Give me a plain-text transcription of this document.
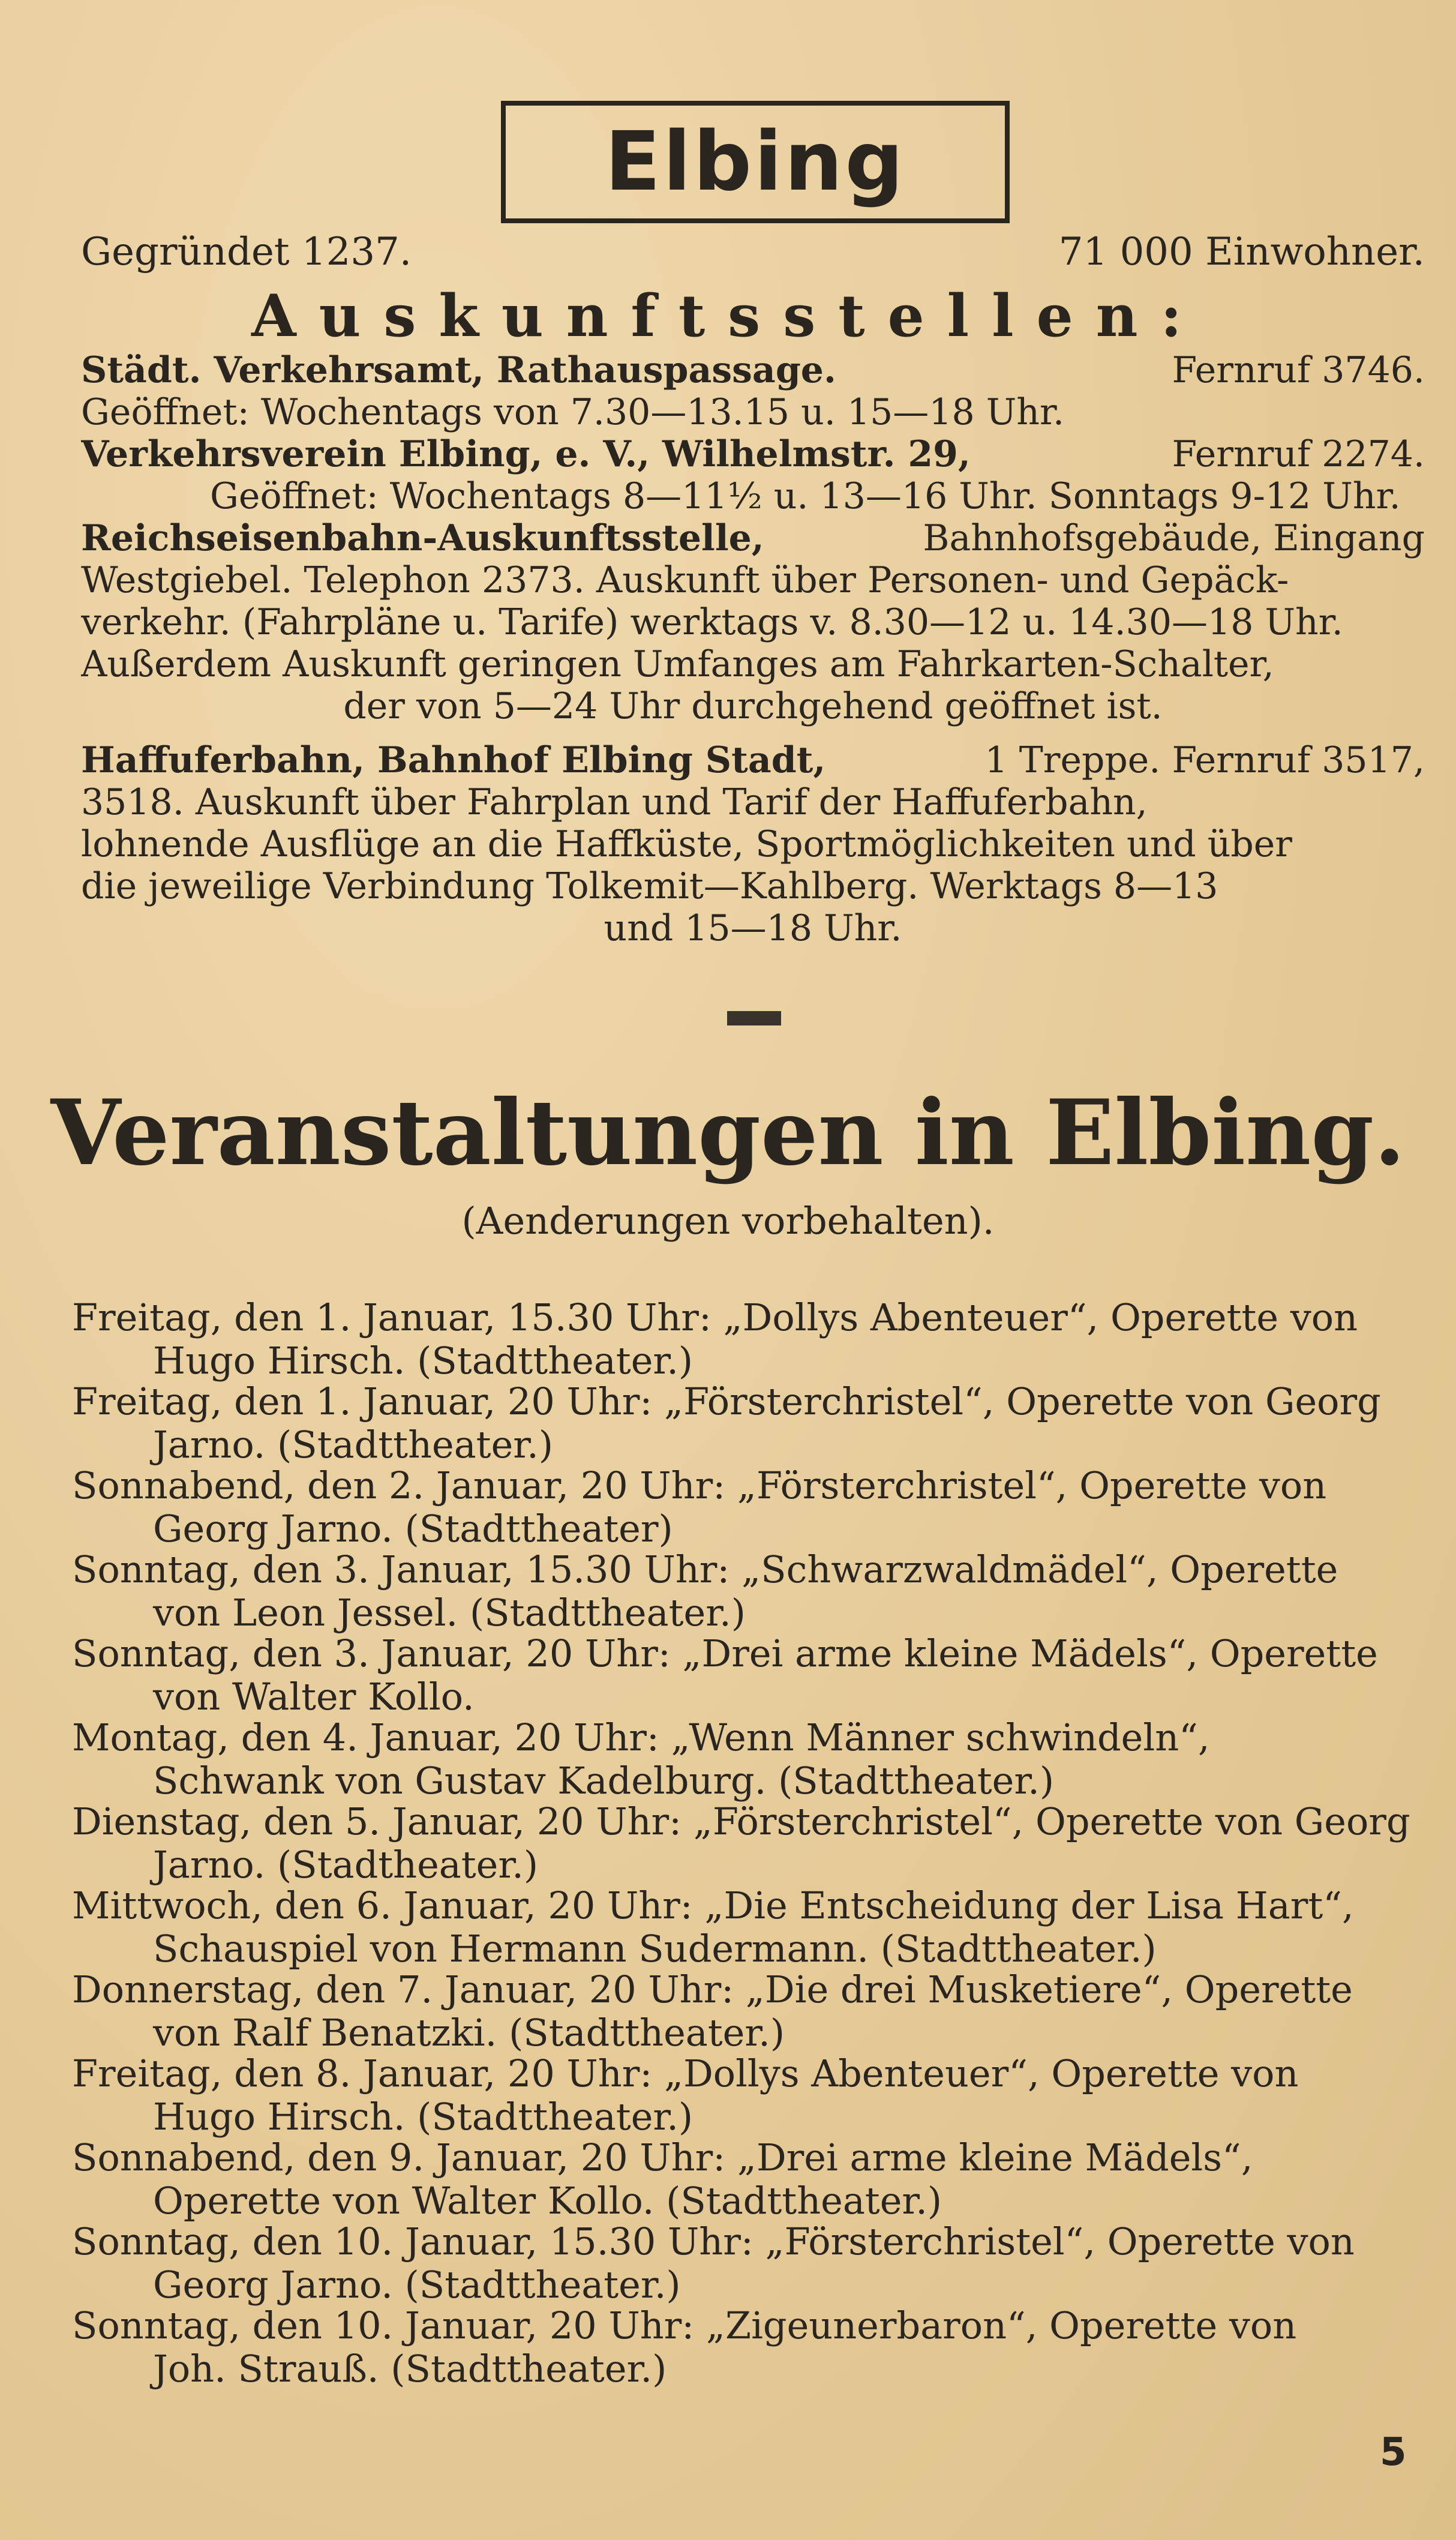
Elbing
Gegründet 1237.	71 000 Einwohner.
Auskunftsstellen:
Städt. Verkehrsamt, Rathauspassage.	Fernruf 3746.
Geöffnet: Wochentags von 7.30—13.15 u. 15—18 Uhr.
Verkehrsverein Elbing, e. V., Wilhelmstr. 29,	Fernruf 2274.
Geöffnet: Wochentags 8—11½ u. 13—16 Uhr. Sonntags 9-12 Uhr.
Reichseisenbahn-Auskunftsstelle,	Bahnhofsgebäude, Eingang
Westgiebel. Telephon 2373. Auskunft über Personen- und Gepäck-
verkehr. (Fahrpläne u. Tarife) werktags v. 8.30—12 u. 14.30—18 Uhr.
Außerdem Auskunft geringen Umfanges am Fahrkarten-Schalter,
der von 5—24 Uhr durchgehend geöffnet ist.
Haffuferbahn, Bahnhof Elbing Stadt,	1 Treppe. Fernruf 3517,
3518. Auskunft über Fahrplan und Tarif der Haffuferbahn,
lohnende Ausflüge an die Haffküste, Sportmöglichkeiten und über
die jeweilige Verbindung Tolkemit—Kahlberg. Werktags 8—13
und 15—18 Uhr.
Veranstaltungen in Elbing.
(Aenderungen vorbehalten).
Freitag, den 1. Januar, 15.30 Uhr: „Dollys Abenteuer“, Operette von
Hugo Hirsch. (Stadttheater.)
Freitag, den 1. Januar, 20 Uhr: „Försterchristel“, Operette von Georg
Jarno. (Stadttheater.)
Sonnabend, den 2. Januar, 20 Uhr: „Försterchristel“, Operette von
Georg Jarno. (Stadttheater)
Sonntag, den 3. Januar, 15.30 Uhr: „Schwarzwaldmädel“, Operette
von Leon Jessel. (Stadttheater.)
Sonntag, den 3. Januar, 20 Uhr: „Drei arme kleine Mädels“, Operette
von Walter Kollo.
Montag, den 4. Januar, 20 Uhr: „Wenn Männer schwindeln“,
Schwank von Gustav Kadelburg. (Stadttheater.)
Dienstag, den 5. Januar, 20 Uhr: „Försterchristel“, Operette von Georg
Jarno. (Stadtheater.)
Mittwoch, den 6. Januar, 20 Uhr: „Die Entscheidung der Lisa Hart“,
Schauspiel von Hermann Sudermann. (Stadttheater.)
Donnerstag, den 7. Januar, 20 Uhr: „Die drei Musketiere“, Operette
von Ralf Benatzki. (Stadttheater.)
Freitag, den 8. Januar, 20 Uhr: „Dollys Abenteuer“, Operette von
Hugo Hirsch. (Stadttheater.)
Sonnabend, den 9. Januar, 20 Uhr: „Drei arme kleine Mädels“,
Operette von Walter Kollo. (Stadttheater.)
Sonntag, den 10. Januar, 15.30 Uhr: „Försterchristel“, Operette von
Georg Jarno. (Stadttheater.)
Sonntag, den 10. Januar, 20 Uhr: „Zigeunerbaron“, Operette von
Joh. Strauß. (Stadttheater.)
5
